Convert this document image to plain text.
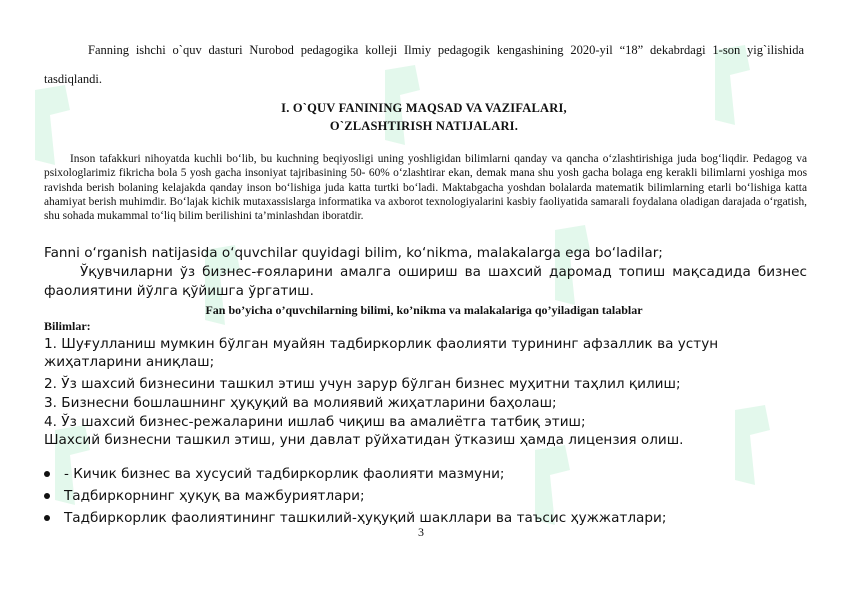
Fanning ishchi o`quv dasturi Nurobod pedagogika kolleji Ilmiy pedagogik kengashining 2020-yil “18” dekabrdagi 1-son yig`ilishida tasdiqlandi.
I. O`QUV FANINING MAQSAD VA VAZIFALARI,
O`ZLASHTIRISH NATIJALARI.
Inson tafakkuri nihoyatda kuchli bo‘lib, bu kuchning beqiyosligi uning yoshligidan bilimlarni qanday va qancha o‘zlashtirishiga juda bog‘liqdir. Pedagog va psixologlarimiz fikricha bola 5 yosh gacha insoniyat tajribasining 50- 60% o‘zlashtirar ekan, demak mana shu yosh gacha bolaga eng kerakli bilimlarni yoshiga mos ravishda berish bolaning kelajakda qanday inson bo‘lishiga juda katta turtki bo‘ladi. Maktabgacha yoshdan bolalarda matematik bilimlarning etarli bo‘lishiga katta ahamiyat berish muhimdir. Bo‘lajak kichik mutaxassislarga informatika va axborot texnologiyalarini kasbiy faoliyatida samarali foydalana oladigan darajada o‘rgatish, shu sohada mukammal to‘liq bilim berilishini ta’minlashdan iboratdir.
Fanni o‘rganish natijasida o‘quvchilar quyidagi bilim, ko‘nikma, malakalarga ega bo‘ladilar;
Ўқувчиларни ўз бизнес-ғояларини амалга ошириш ва шахсий даромад топиш мақсадида бизнес фаолиятини йўлга қўйишга ўргатиш.
Fan bo’yicha o’quvchilarning bilimi, ko’nikma va malakalariga qo’yiladigan talablar
Bilimlar:
1. Шуғулланиш мумкин бўлган муайян тадбиркорлик фаолияти турининг афзаллик ва устун жиҳатларини аниқлаш;
2. Ўз шахсий бизнесини ташкил этиш учун зарур бўлган бизнес муҳитни таҳлил қилиш;
3. Бизнесни бошлашнинг ҳуқуқий ва молиявий жиҳатларини баҳолаш;
4. Ўз шахсий бизнес-режаларини ишлаб чиқиш ва амалиётга татбиқ этиш;
Шахсий бизнесни ташкил этиш, уни давлат рўйхатидан ўтказиш ҳамда лицензия олиш.
- Кичик бизнес ва хусусий тадбиркорлик фаолияти мазмуни;
Тадбиркорнинг ҳуқуқ ва мажбуриятлари;
Тадбиркорлик фаолиятининг ташкилий-ҳуқуқий шакллари ва таъсис ҳужжатлари;
3
